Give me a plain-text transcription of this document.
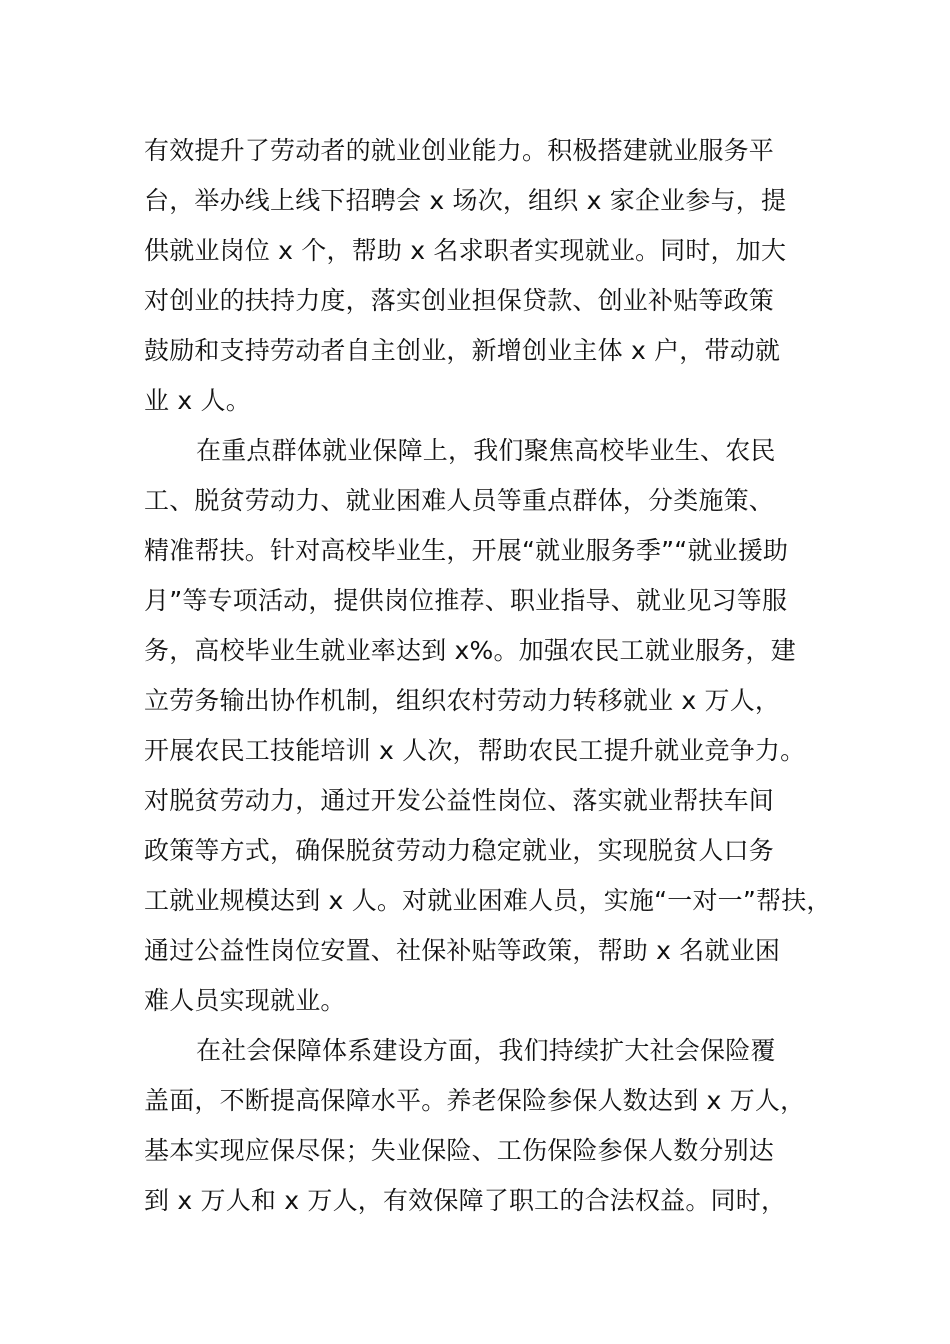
有效提升了劳动者的就业创业能力。积极搭建就业服务平
台，举办线上线下招聘会 x 场次，组织 x 家企业参与，提
供就业岗位 x 个，帮助 x 名求职者实现就业。同时，加大
对创业的扶持力度，落实创业担保贷款、创业补贴等政策
鼓励和支持劳动者自主创业，新增创业主体 x 户，带动就
业 x 人。
在重点群体就业保障上，我们聚焦高校毕业生、农民
工、脱贫劳动力、就业困难人员等重点群体，分类施策、
精准帮扶。针对高校毕业生，开展“就业服务季”“就业援助
月”等专项活动，提供岗位推荐、职业指导、就业见习等服
务，高校毕业生就业率达到 x%。加强农民工就业服务，建
立劳务输出协作机制，组织农村劳动力转移就业 x 万人，
开展农民工技能培训 x 人次，帮助农民工提升就业竞争力。
对脱贫劳动力，通过开发公益性岗位、落实就业帮扶车间
政策等方式，确保脱贫劳动力稳定就业，实现脱贫人口务
工就业规模达到 x 人。对就业困难人员，实施“一对一”帮扶，
通过公益性岗位安置、社保补贴等政策，帮助 x 名就业困
难人员实现就业。
在社会保障体系建设方面，我们持续扩大社会保险覆
盖面，不断提高保障水平。养老保险参保人数达到 x 万人，
基本实现应保尽保；失业保险、工伤保险参保人数分别达
到 x 万人和 x 万人，有效保障了职工的合法权益。同时，
